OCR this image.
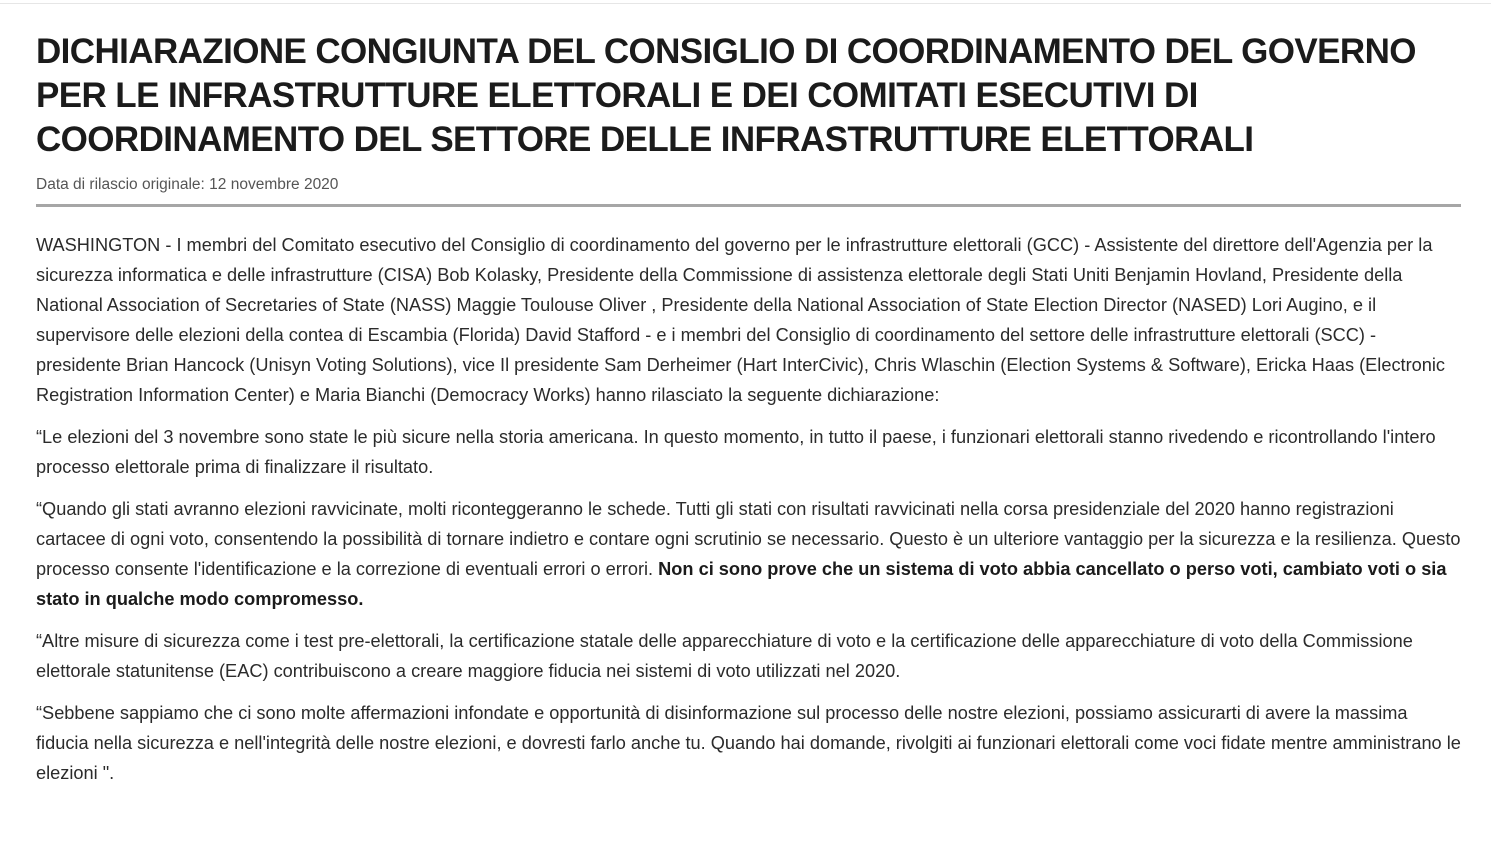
DICHIARAZIONE CONGIUNTA DEL CONSIGLIO DI COORDINAMENTO DEL GOVERNO PER LE INFRASTRUTTURE ELETTORALI E DEI COMITATI ESECUTIVI DI COORDINAMENTO DEL SETTORE DELLE INFRASTRUTTURE ELETTORALI
Data di rilascio originale: 12 novembre 2020

WASHINGTON - I membri del Comitato esecutivo del Consiglio di coordinamento del governo per le infrastrutture elettorali (GCC) - Assistente del direttore dell'Agenzia per la sicurezza informatica e delle infrastrutture (CISA) Bob Kolasky, Presidente della Commissione di assistenza elettorale degli Stati Uniti Benjamin Hovland, Presidente della National Association of Secretaries of State (NASS) Maggie Toulouse Oliver , Presidente della National Association of State Election Director (NASED) Lori Augino, e il supervisore delle elezioni della contea di Escambia (Florida) David Stafford - e i membri del Consiglio di coordinamento del settore delle infrastrutture elettorali (SCC) - presidente Brian Hancock (Unisyn Voting Solutions), vice Il presidente Sam Derheimer (Hart InterCivic), Chris Wlaschin (Election Systems & Software), Ericka Haas (Electronic Registration Information Center) e Maria Bianchi (Democracy Works) hanno rilasciato la seguente dichiarazione:

“Le elezioni del 3 novembre sono state le più sicure nella storia americana. In questo momento, in tutto il paese, i funzionari elettorali stanno rivedendo e ricontrollando l'intero processo elettorale prima di finalizzare il risultato.

“Quando gli stati avranno elezioni ravvicinate, molti riconteggeranno le schede. Tutti gli stati con risultati ravvicinati nella corsa presidenziale del 2020 hanno registrazioni cartacee di ogni voto, consentendo la possibilità di tornare indietro e contare ogni scrutinio se necessario. Questo è un ulteriore vantaggio per la sicurezza e la resilienza. Questo processo consente l'identificazione e la correzione di eventuali errori o errori. Non ci sono prove che un sistema di voto abbia cancellato o perso voti, cambiato voti o sia stato in qualche modo compromesso.

“Altre misure di sicurezza come i test pre-elettorali, la certificazione statale delle apparecchiature di voto e la certificazione delle apparecchiature di voto della Commissione elettorale statunitense (EAC) contribuiscono a creare maggiore fiducia nei sistemi di voto utilizzati nel 2020.

“Sebbene sappiamo che ci sono molte affermazioni infondate e opportunità di disinformazione sul processo delle nostre elezioni, possiamo assicurarti di avere la massima fiducia nella sicurezza e nell'integrità delle nostre elezioni, e dovresti farlo anche tu. Quando hai domande, rivolgiti ai funzionari elettorali come voci fidate mentre amministrano le elezioni ".
